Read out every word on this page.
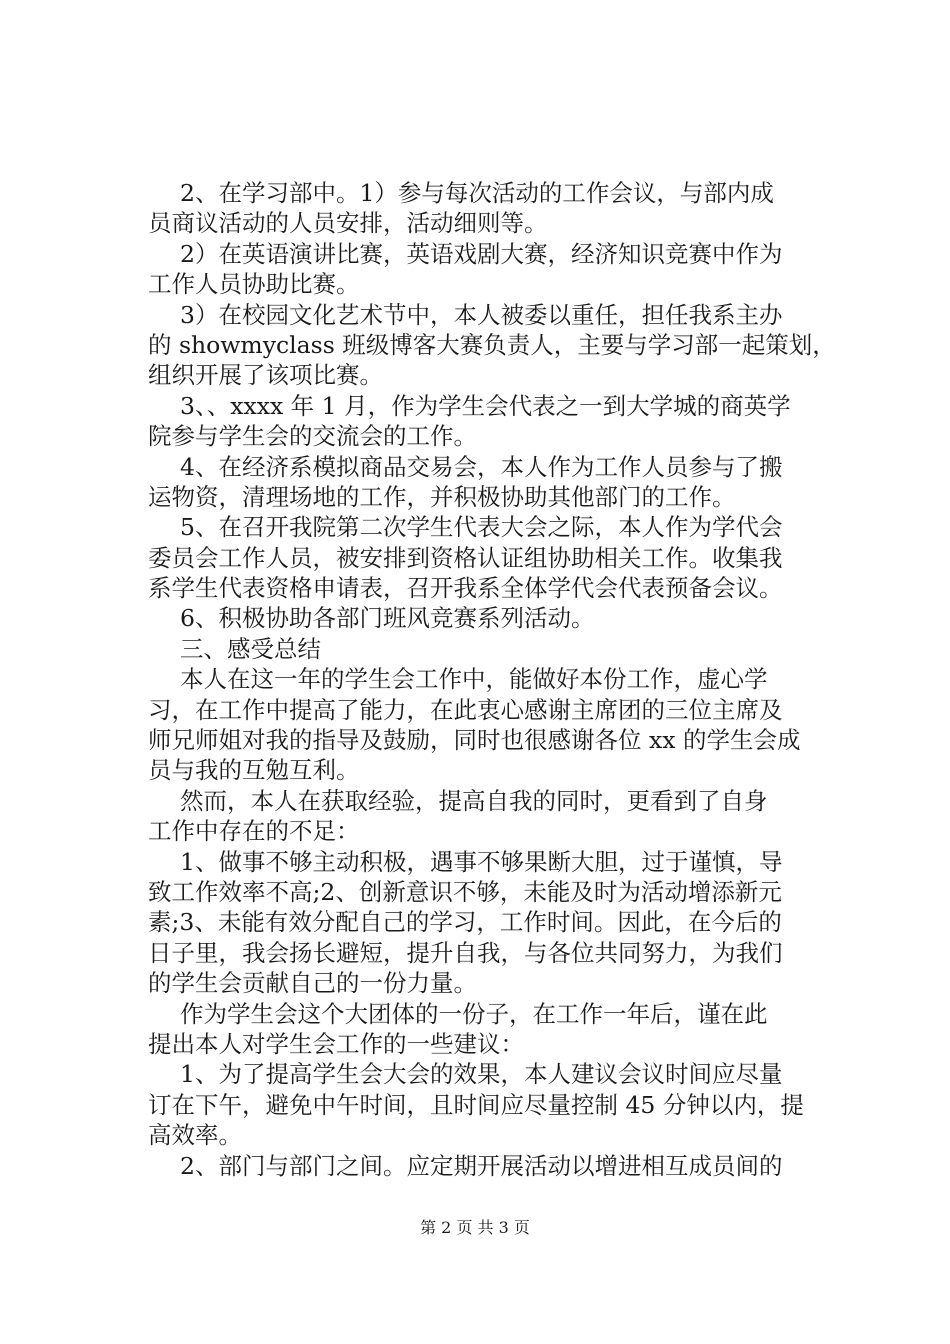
2、在学习部中。1）参与每次活动的工作会议，与部内成
员商议活动的人员安排，活动细则等。
2）在英语演讲比赛，英语戏剧大赛，经济知识竞赛中作为
工作人员协助比赛。
3）在校园文化艺术节中，本人被委以重任，担任我系主办
的 showmyclass 班级博客大赛负责人，主要与学习部一起策划，
组织开展了该项比赛。
3、、xxxx 年 1 月，作为学生会代表之一到大学城的商英学
院参与学生会的交流会的工作。
4、在经济系模拟商品交易会，本人作为工作人员参与了搬
运物资，清理场地的工作，并积极协助其他部门的工作。
5、在召开我院第二次学生代表大会之际，本人作为学代会
委员会工作人员，被安排到资格认证组协助相关工作。收集我
系学生代表资格申请表，召开我系全体学代会代表预备会议。
6、积极协助各部门班风竞赛系列活动。
三、感受总结
本人在这一年的学生会工作中，能做好本份工作，虚心学
习，在工作中提高了能力，在此衷心感谢主席团的三位主席及
师兄师姐对我的指导及鼓励，同时也很感谢各位 xx 的学生会成
员与我的互勉互利。
然而，本人在获取经验，提高自我的同时，更看到了自身
工作中存在的不足：
1、做事不够主动积极，遇事不够果断大胆，过于谨慎，导
致工作效率不高;2、创新意识不够，未能及时为活动增添新元
素;3、未能有效分配自己的学习，工作时间。因此，在今后的
日子里，我会扬长避短，提升自我，与各位共同努力，为我们
的学生会贡献自己的一份力量。
作为学生会这个大团体的一份子，在工作一年后，谨在此
提出本人对学生会工作的一些建议：
1、为了提高学生会大会的效果，本人建议会议时间应尽量
订在下午，避免中午时间，且时间应尽量控制 45 分钟以内，提
高效率。
2、部门与部门之间。应定期开展活动以增进相互成员间的
第 2 页 共 3 页
